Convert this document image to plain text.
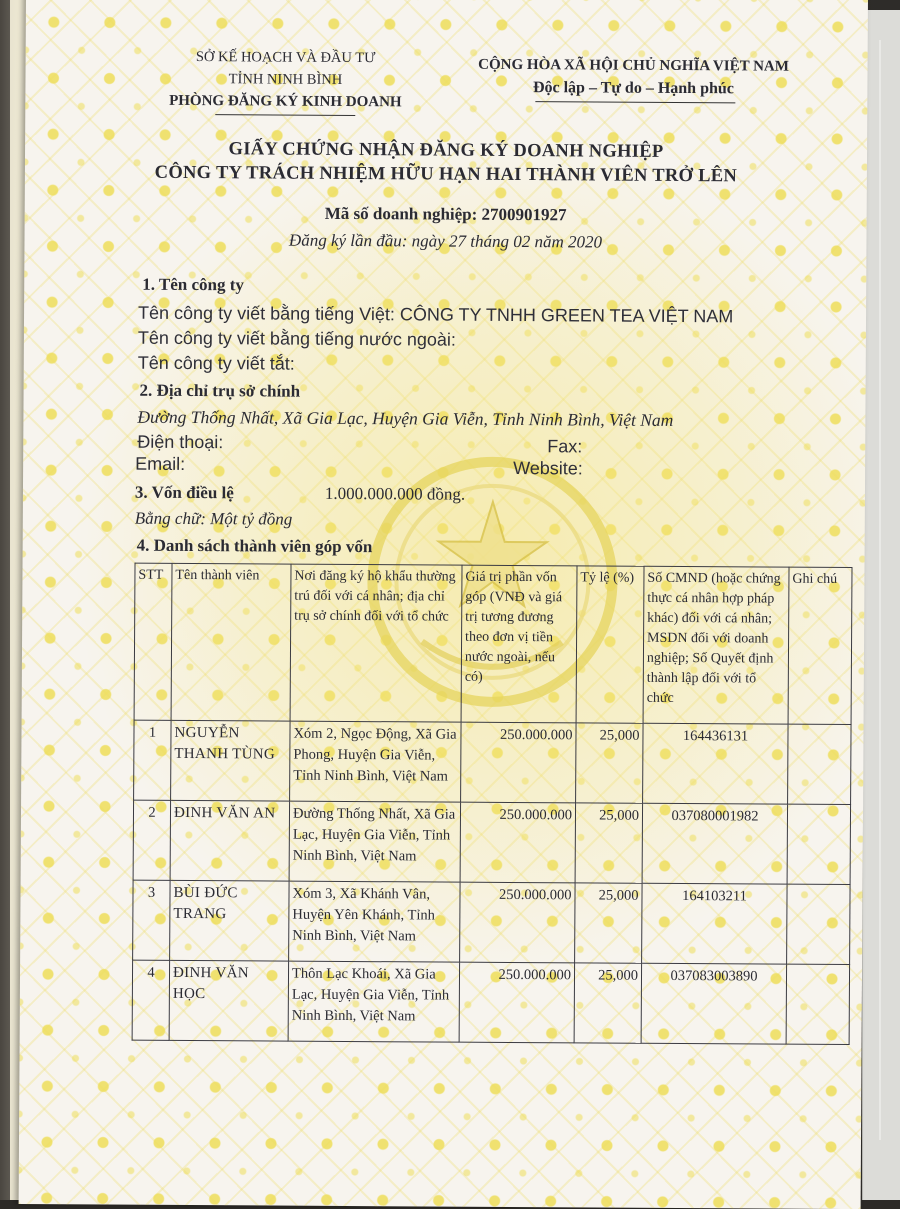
SỞ KẾ HOẠCH VÀ ĐẦU TƯ
TỈNH NINH BÌNH
PHÒNG ĐĂNG KÝ KINH DOANH
CỘNG HÒA XÃ HỘI CHỦ NGHĨA VIỆT NAM
Độc lập – Tự do – Hạnh phúc
GIẤY CHỨNG NHẬN ĐĂNG KÝ DOANH NGHIỆP
CÔNG TY TRÁCH NHIỆM HỮU HẠN HAI THÀNH VIÊN TRỞ LÊN
Mã số doanh nghiệp: 2700901927
Đăng ký lần đầu: ngày 27 tháng 02 năm 2020
1. Tên công ty
Tên công ty viết bằng tiếng Việt: CÔNG TY TNHH GREEN TEA VIỆT NAM
Tên công ty viết bằng tiếng nước ngoài:
Tên công ty viết tắt:
2. Địa chỉ trụ sở chính
Đường Thống Nhất, Xã Gia Lạc, Huyện Gia Viễn, Tỉnh Ninh Bình, Việt Nam
Điện thoại:	Fax:
Email:	Website:
3. Vốn điều lệ	1.000.000.000 đồng.
Bằng chữ: Một tỷ đồng
4. Danh sách thành viên góp vốn
STT	Tên thành viên	Nơi đăng ký hộ khẩu thường trú đối với cá nhân; địa chỉ trụ sở chính đối với tổ chức	Giá trị phần vốn góp (VNĐ và giá trị tương đương theo đơn vị tiền nước ngoài, nếu có)	Tỷ lệ (%)	Số CMND (hoặc chứng thực cá nhân hợp pháp khác) đối với cá nhân; MSDN đối với doanh nghiệp; Số Quyết định thành lập đối với tổ chức	Ghi chú
1	NGUYỄN THANH TÙNG	Xóm 2, Ngọc Động, Xã Gia Phong, Huyện Gia Viễn, Tỉnh Ninh Bình, Việt Nam	250.000.000	25,000	164436131	
2	ĐINH VĂN AN	Đường Thống Nhất, Xã Gia Lạc, Huyện Gia Viễn, Tỉnh Ninh Bình, Việt Nam	250.000.000	25,000	037080001982	
3	BÙI ĐỨC TRANG	Xóm 3, Xã Khánh Vân, Huyện Yên Khánh, Tỉnh Ninh Bình, Việt Nam	250.000.000	25,000	164103211	
4	ĐINH VĂN HỌC	Thôn Lạc Khoái, Xã Gia Lạc, Huyện Gia Viễn, Tỉnh Ninh Bình, Việt Nam	250.000.000	25,000	037083003890	
